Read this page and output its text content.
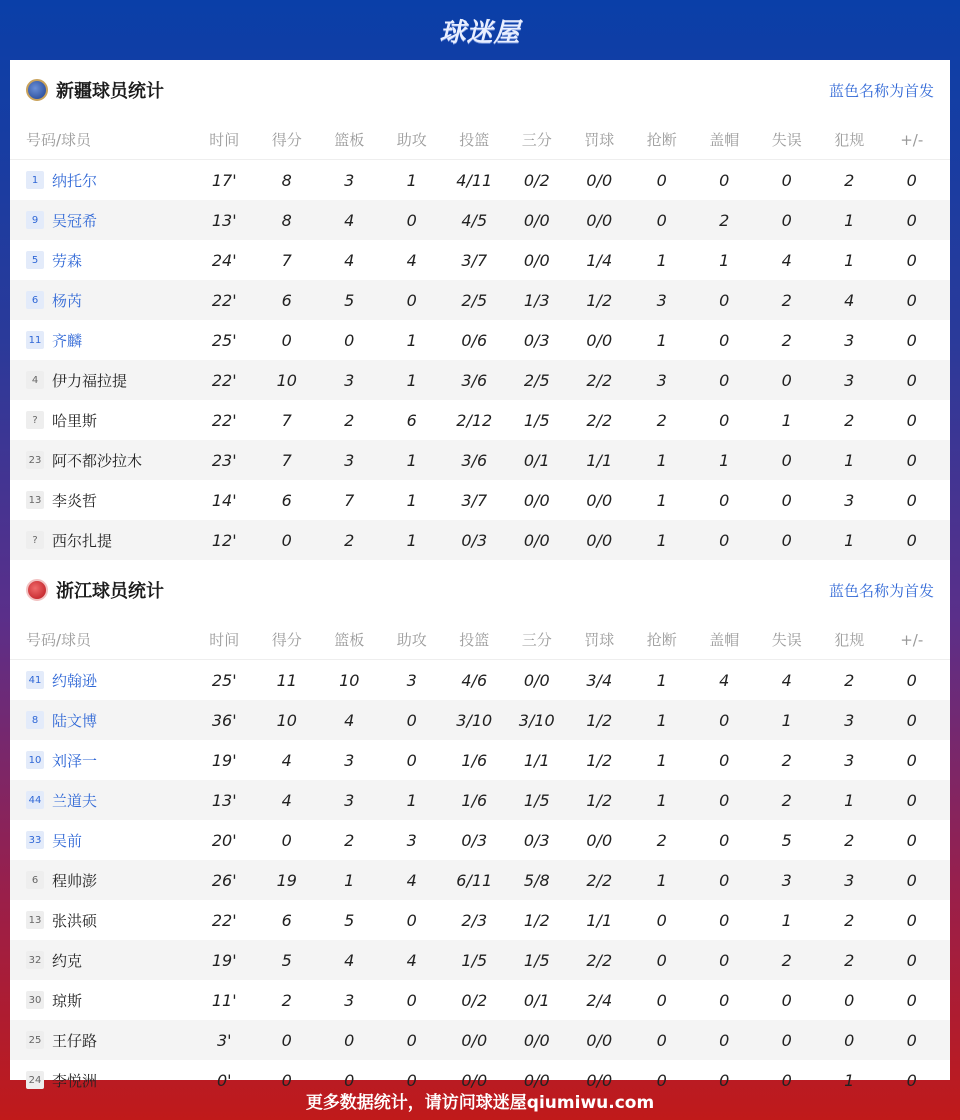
球迷屋
新疆球员统计	蓝色名称为首发
号码/球员	时间	得分	篮板	助攻	投篮	三分	罚球	抢断	盖帽	失误	犯规	+/-
1 纳托尔	17'	8	3	1	4/11	0/2	0/0	0	0	0	2	0
9 吴冠希	13'	8	4	0	4/5	0/0	0/0	0	2	0	1	0
5 劳森	24'	7	4	4	3/7	0/0	1/4	1	1	4	1	0
6 杨芮	22'	6	5	0	2/5	1/3	1/2	3	0	2	4	0
11 齐麟	25'	0	0	1	0/6	0/3	0/0	1	0	2	3	0
4 伊力福拉提	22'	10	3	1	3/6	2/5	2/2	3	0	0	3	0
? 哈里斯	22'	7	2	6	2/12	1/5	2/2	2	0	1	2	0
23 阿不都沙拉木	23'	7	3	1	3/6	0/1	1/1	1	1	0	1	0
13 李炎哲	14'	6	7	1	3/7	0/0	0/0	1	0	0	3	0
? 西尔扎提	12'	0	2	1	0/3	0/0	0/0	1	0	0	1	0
浙江球员统计	蓝色名称为首发
号码/球员	时间	得分	篮板	助攻	投篮	三分	罚球	抢断	盖帽	失误	犯规	+/-
41 约翰逊	25'	11	10	3	4/6	0/0	3/4	1	4	4	2	0
8 陆文博	36'	10	4	0	3/10	3/10	1/2	1	0	1	3	0
10 刘泽一	19'	4	3	0	1/6	1/1	1/2	1	0	2	3	0
44 兰道夫	13'	4	3	1	1/6	1/5	1/2	1	0	2	1	0
33 吴前	20'	0	2	3	0/3	0/3	0/0	2	0	5	2	0
6 程帅澎	26'	19	1	4	6/11	5/8	2/2	1	0	3	3	0
13 张洪硕	22'	6	5	0	2/3	1/2	1/1	0	0	1	2	0
32 约克	19'	5	4	4	1/5	1/5	2/2	0	0	2	2	0
30 琼斯	11'	2	3	0	0/2	0/1	2/4	0	0	0	0	0
25 王仔路	3'	0	0	0	0/0	0/0	0/0	0	0	0	0	0
24 李悦洲	0'	0	0	0	0/0	0/0	0/0	0	0	0	1	0
更多数据统计，请访问球迷屋qiumiwu.com
